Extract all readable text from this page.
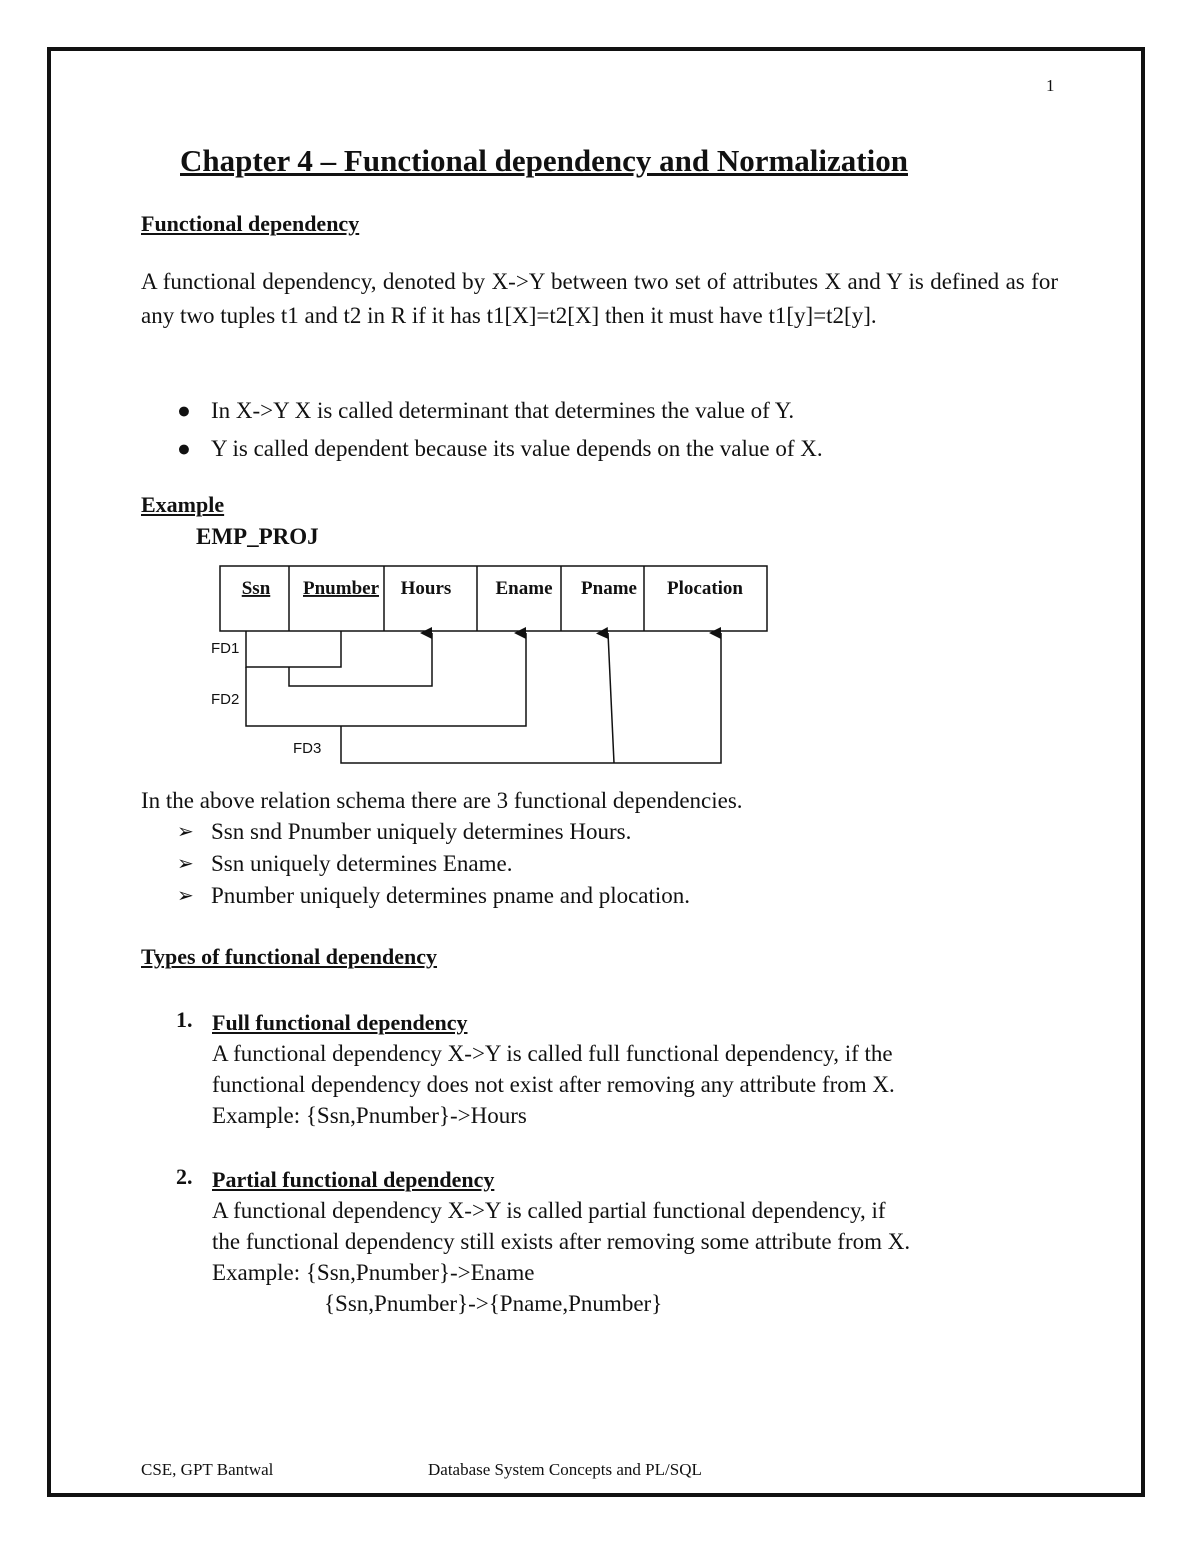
1
Chapter 4 – Functional dependency and Normalization
Functional dependency
A functional dependency, denoted by X->Y between two set of attributes X and Y is defined as for any two tuples t1 and t2 in R if it has t1[X]=t2[X] then it must have t1[y]=t2[y].
● In X->Y X is called determinant that determines the value of Y.
● Y is called dependent because its value depends on the value of X.
Example
EMP_PROJ
Ssn Pnumber Hours Ename Pname Plocation
FD1
FD2
FD3
In the above relation schema there are 3 functional dependencies.
➢ Ssn snd Pnumber uniquely determines Hours.
➢ Ssn uniquely determines Ename.
➢ Pnumber uniquely determines pname and plocation.
Types of functional dependency
1. Full functional dependency
A functional dependency X->Y is called full functional dependency, if the
functional dependency does not exist after removing any attribute from X.
Example: {Ssn,Pnumber}->Hours
2. Partial functional dependency
A functional dependency X->Y is called partial functional dependency, if
the functional dependency still exists after removing some attribute from X.
Example: {Ssn,Pnumber}->Ename
{Ssn,Pnumber}->{Pname,Pnumber}
CSE, GPT Bantwal	Database System Concepts and PL/SQL
